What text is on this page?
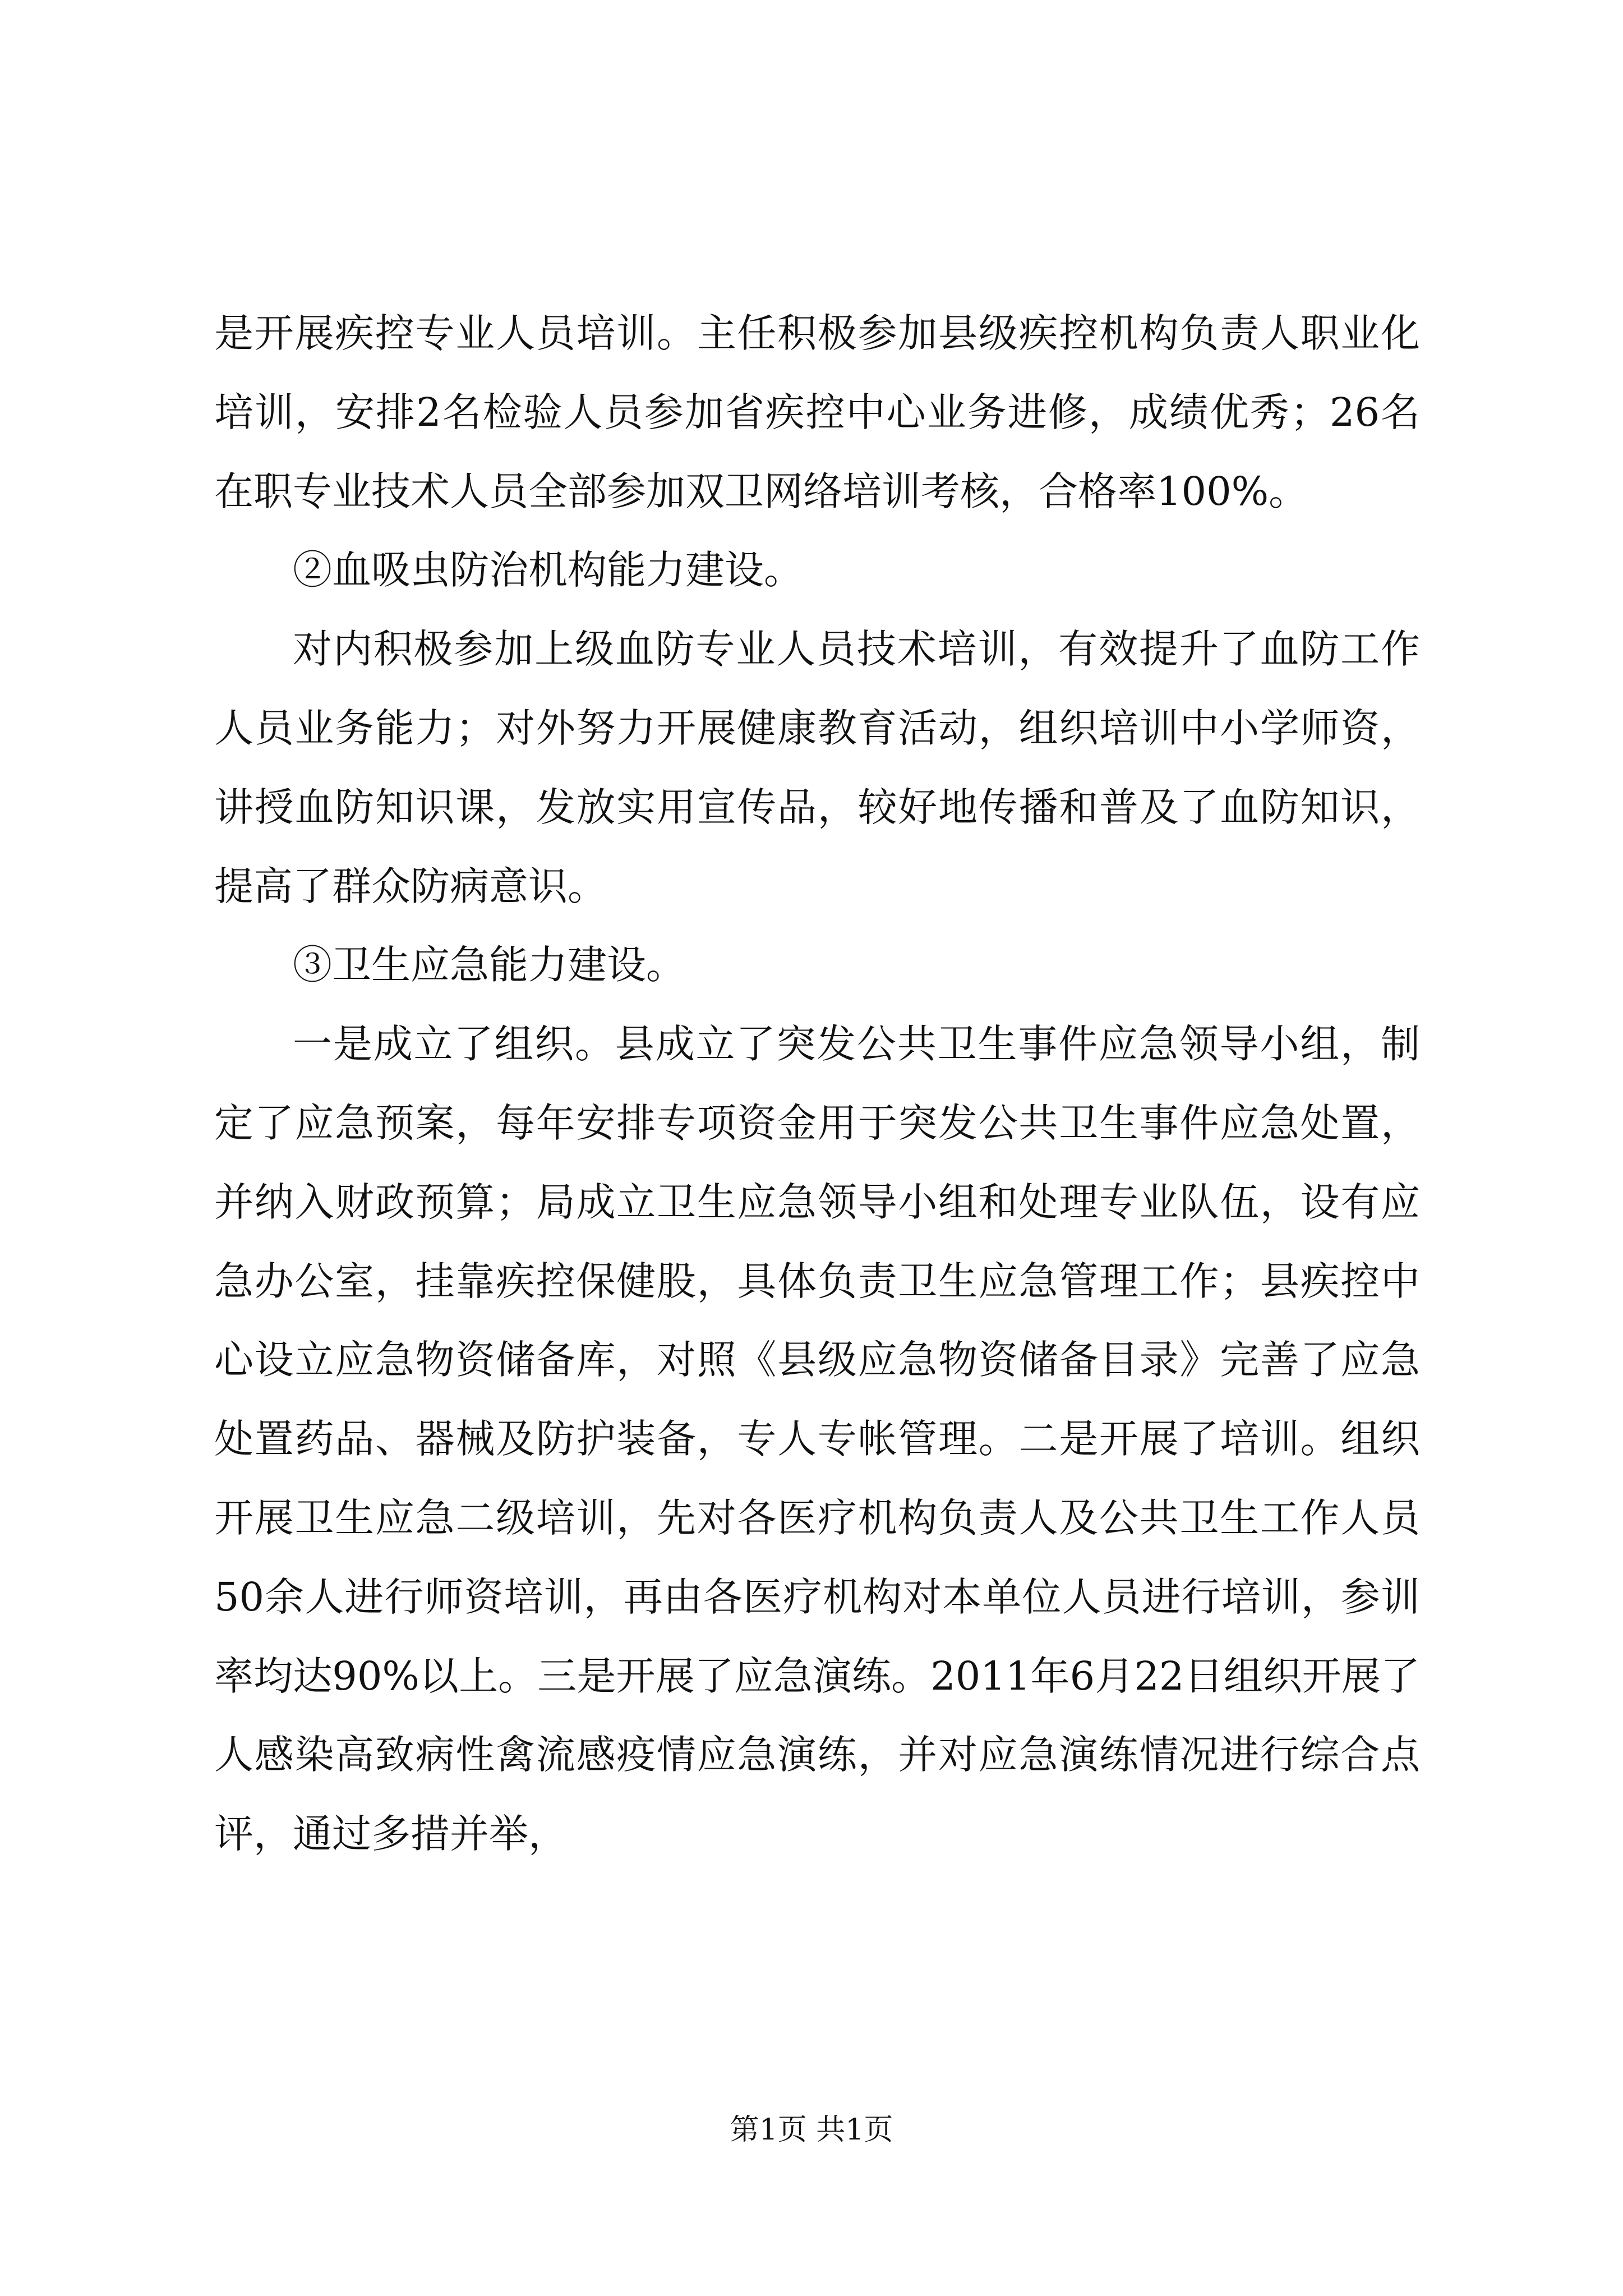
是开展疾控专业人员培训。主任积极参加县级疾控机构负责人职业化培训，安排2名检验人员参加省疾控中心业务进修，成绩优秀；26名在职专业技术人员全部参加双卫网络培训考核，合格率100%。

②血吸虫防治机构能力建设。

对内积极参加上级血防专业人员技术培训，有效提升了血防工作人员业务能力；对外努力开展健康教育活动，组织培训中小学师资，讲授血防知识课，发放实用宣传品，较好地传播和普及了血防知识，提高了群众防病意识。

③卫生应急能力建设。

一是成立了组织。县成立了突发公共卫生事件应急领导小组，制定了应急预案，每年安排专项资金用于突发公共卫生事件应急处置，并纳入财政预算；局成立卫生应急领导小组和处理专业队伍，设有应急办公室，挂靠疾控保健股，具体负责卫生应急管理工作；县疾控中心设立应急物资储备库，对照《县级应急物资储备目录》完善了应急处置药品、器械及防护装备，专人专帐管理。二是开展了培训。组织开展卫生应急二级培训，先对各医疗机构负责人及公共卫生工作人员50余人进行师资培训，再由各医疗机构对本单位人员进行培训，参训率均达90%以上。三是开展了应急演练。2011年6月22日组织开展了人感染高致病性禽流感疫情应急演练，并对应急演练情况进行综合点评，通过多措并举，

第1页 共1页
